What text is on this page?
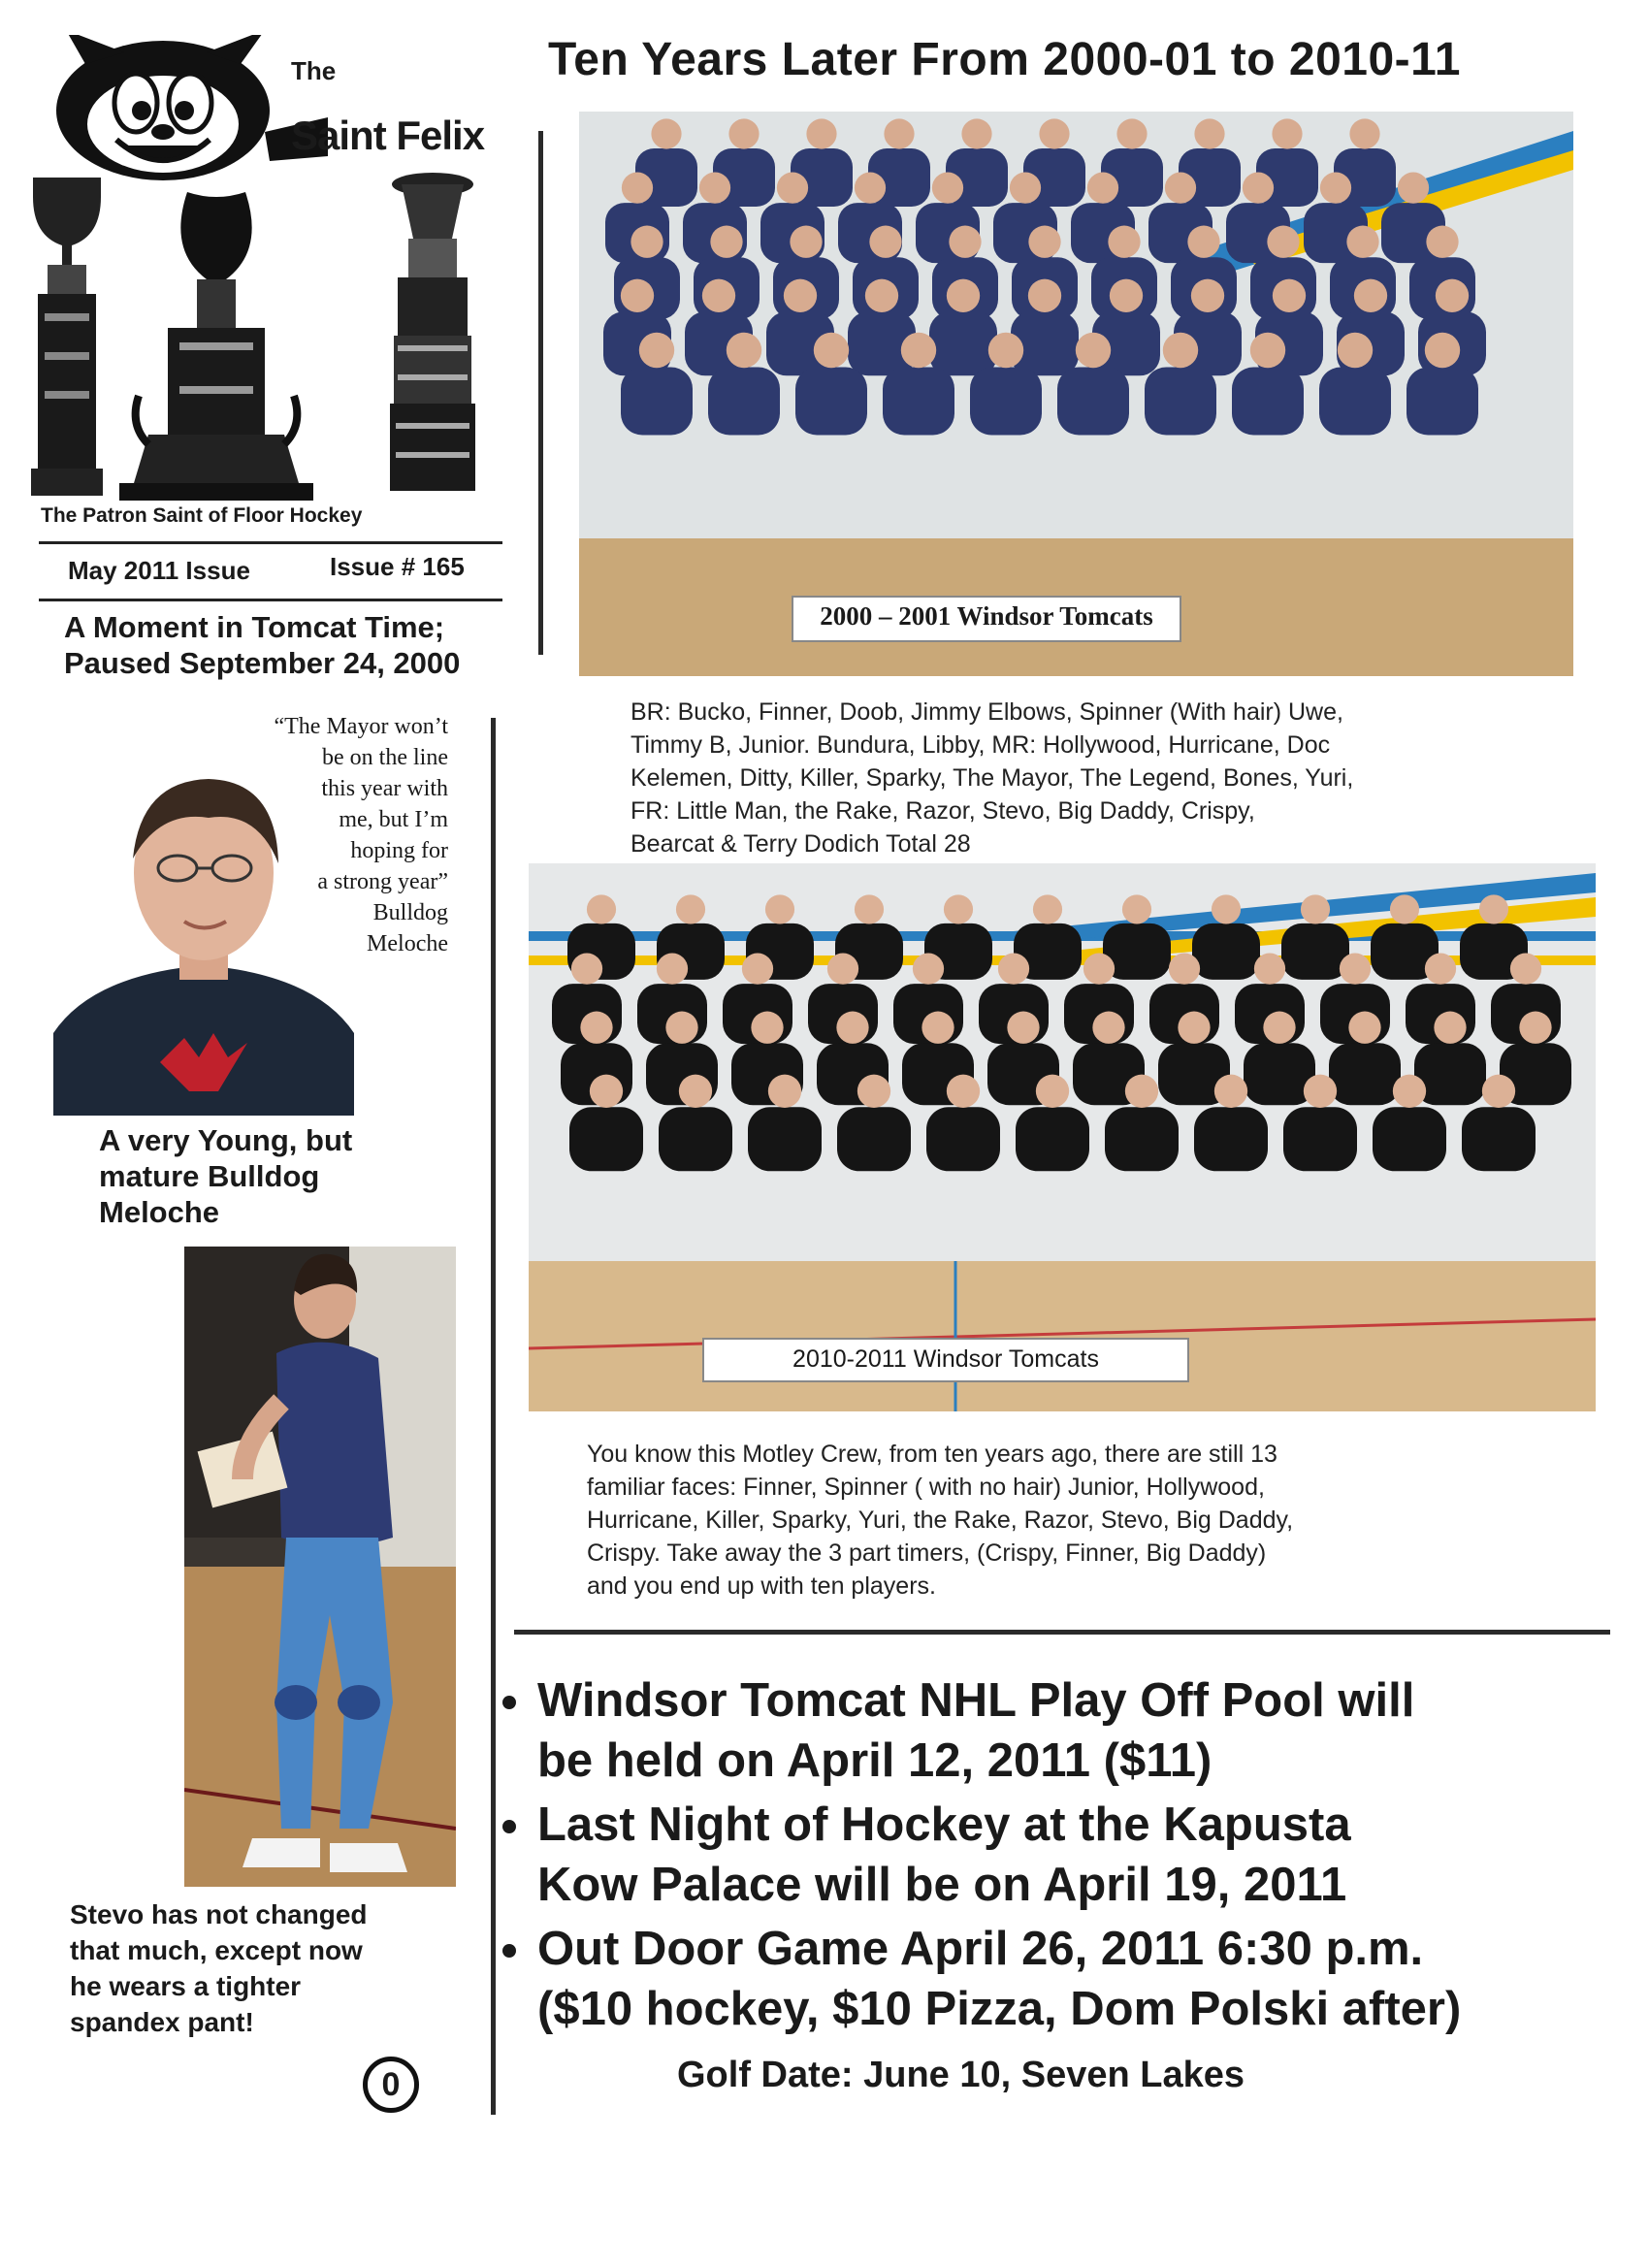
The
Saint Felix
The Patron Saint of Floor Hockey
May 2011 Issue	Issue # 165
Ten Years Later From 2000-01 to 2010-11
A Moment in Tomcat Time;
Paused September 24, 2000
“The Mayor won’t
be on the line
this year with
me, but I’m
hoping for
a strong year”
Bulldog
Meloche
A very Young, but
mature Bulldog
Meloche
Stevo has not changed
that much, except now
he wears a tighter
spandex pant!
0
2000 – 2001 Windsor Tomcats
BR: Bucko, Finner, Doob, Jimmy Elbows, Spinner (With hair) Uwe,
Timmy B, Junior. Bundura, Libby, MR: Hollywood, Hurricane, Doc
Kelemen, Ditty, Killer, Sparky, The Mayor, The Legend, Bones, Yuri,
FR: Little Man, the Rake, Razor, Stevo, Big Daddy, Crispy,
Bearcat & Terry Dodich Total 28
2010-2011 Windsor Tomcats
You know this Motley Crew, from ten years ago, there are still 13
familiar faces: Finner, Spinner ( with no hair) Junior, Hollywood,
Hurricane, Killer, Sparky, Yuri, the Rake, Razor, Stevo, Big Daddy,
Crispy. Take away the 3 part timers, (Crispy, Finner, Big Daddy)
and you end up with ten players.
Windsor Tomcat NHL Play Off Pool will
be held on April 12, 2011 ($11)
Last Night of Hockey at the Kapusta
Kow Palace will be on April 19, 2011
Out Door Game April 26, 2011 6:30 p.m.
($10 hockey, $10 Pizza, Dom Polski after)
Golf Date: June 10, Seven Lakes
